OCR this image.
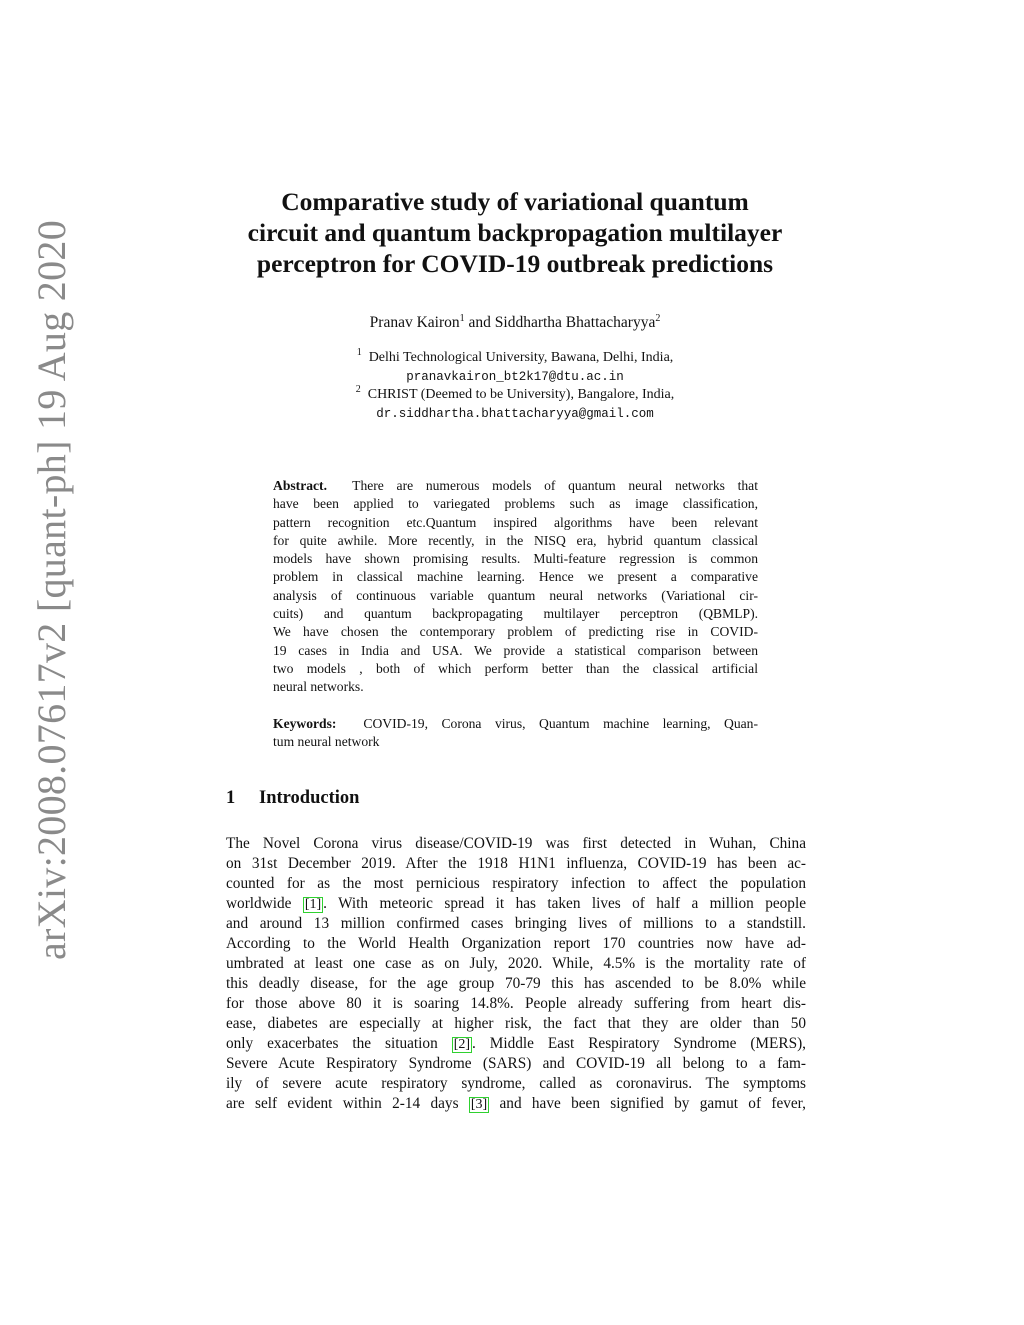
arXiv:2008.07617v2 [quant-ph] 19 Aug 2020
Comparative study of variational quantum
circuit and quantum backpropagation multilayer
perceptron for COVID-19 outbreak predictions
Pranav Kairon$^1$ and Siddhartha Bhattacharyya$^2$
$^1$ Delhi Technological University, Bawana, Delhi, India,
pranavkairon_bt2k17@dtu.ac.in
$^2$ CHRIST (Deemed to be University), Bangalore, India,
dr.siddhartha.bhattacharyya@gmail.com
Abstract. There are numerous models of quantum neural networks that
have been applied to variegated problems such as image classification,
pattern recognition etc.Quantum inspired algorithms have been relevant
for quite awhile. More recently, in the NISQ era, hybrid quantum classical
models have shown promising results. Multi-feature regression is common
problem in classical machine learning. Hence we present a comparative
analysis of continuous variable quantum neural networks (Variational cir-
cuits) and quantum backpropagating multilayer perceptron (QBMLP).
We have chosen the contemporary problem of predicting rise in COVID-
19 cases in India and USA. We provide a statistical comparison between
two models , both of which perform better than the classical artificial
neural networks.
Keywords: COVID-19, Corona virus, Quantum machine learning, Quan-
tum neural network
1 Introduction
The Novel Corona virus disease/COVID-19 was first detected in Wuhan, China
on 31st December 2019. After the 1918 H1N1 influenza, COVID-19 has been ac-
counted for as the most pernicious respiratory infection to affect the population
worldwide [1] . With meteoric spread it has taken lives of half a million people
and around 13 million confirmed cases bringing lives of millions to a standstill.
According to the World Health Organization report 170 countries now have ad-
umbrated at least one case as on July, 2020. While, 4.5% is the mortality rate of
this deadly disease, for the age group 70-79 this has ascended to be 8.0% while
for those above 80 it is soaring 14.8%. People already suffering from heart dis-
ease, diabetes are especially at higher risk, the fact that they are older than 50
only exacerbates the situation [2] . Middle East Respiratory Syndrome (MERS),
Severe Acute Respiratory Syndrome (SARS) and COVID-19 all belong to a fam-
ily of severe acute respiratory syndrome, called as coronavirus. The symptoms
are self evident within 2-14 days [3] and have been signified by gamut of fever,
